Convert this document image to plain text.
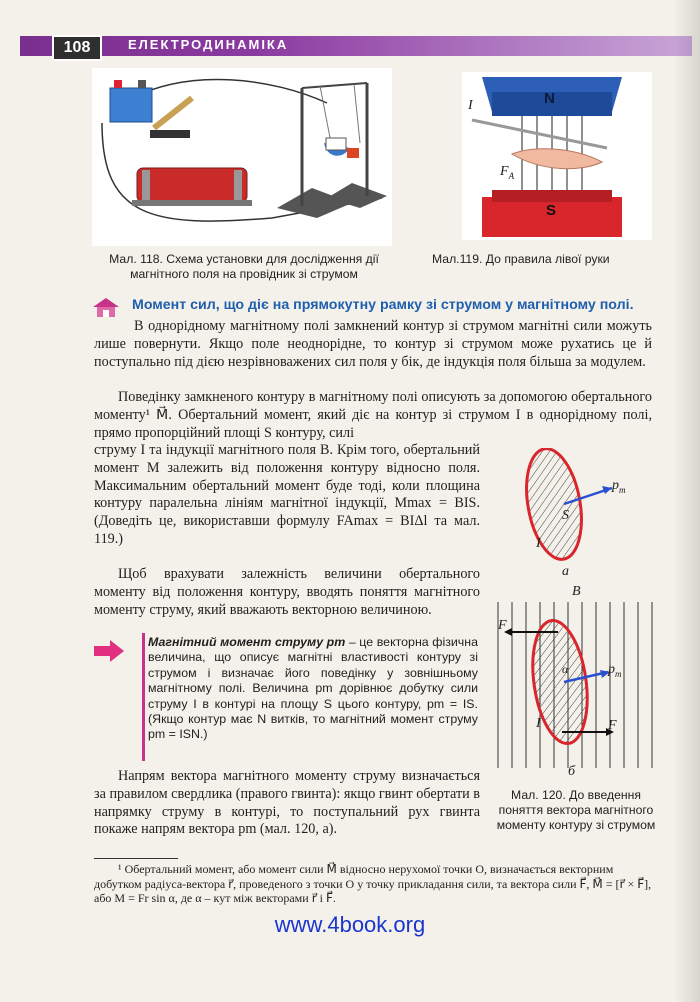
108	ЕЛЕКТРОДИНАМІКА
Мал. 118. Схема установки для дослідження дії магнітного поля на провідник зі струмом
N
S
I
$F_A$
Мал.119. До правила лівої руки
Момент сил, що діє на прямокутну рамку зі струмом у магнітному полі.
В однорідному магнітному полі замкнений контур зі струмом магнітні сили можуть лише повернути. Якщо поле неоднорідне, то контур зі струмом може рухатись це й поступально під дією незрівноважених сил поля у бік, де індукція поля більша за модулем.
Поведінку замкненого контуру в магнітному полі описують за допомогою обертального моменту¹ M⃗. Обертальний момент, який діє на контур зі струмом I в однорідному полі, прямо пропорційний площі S контуру, силі
струму I та індукції магнітного поля B. Крім того, обертальний момент M залежить від положення контуру відносно поля. Максимальним обертальний момент буде тоді, коли площина контуру паралельна лініям магнітної індукції, Mmax = BIS. (Доведіть це, використавши формулу FAmax = BIΔl та мал. 119.)
Щоб врахувати залежність величини обертального моменту від положення контуру, вводять поняття магнітного моменту струму, який вважають векторною величиною.
$p_m$
S
I
а
B
F
F
α	$p_m$
I
б
Мал. 120. До введення поняття вектора магнітного моменту контуру зі струмом
Магнітний момент струму pm – це векторна фізична величина, що описує магнітні властивості контуру зі струмом і визначає його поведінку у зовнішньому магнітному полі. Величина pm дорівнює добутку сили струму I в контурі на площу S цього контуру, pm = IS. (Якщо контур має N витків, то магнітний момент струму pm = ISN.)
Напрям вектора магнітного моменту струму визначається за правилом свердлика (правого гвинта): якщо гвинт обертати в напрямку струму в контурі, то поступальний рух гвинта покаже напрям вектора pm (мал. 120, а).
¹ Обертальний момент, або момент сили M⃗ відносно нерухомої точки O, визначається векторним добутком радіуса-вектора r⃗, проведеного з точки O у точку прикладання сили, та вектора сили F⃗, M⃗ = [r⃗ × F⃗], або M = Fr sin α, де α – кут між векторами r⃗ і F⃗.
www.4book.org
